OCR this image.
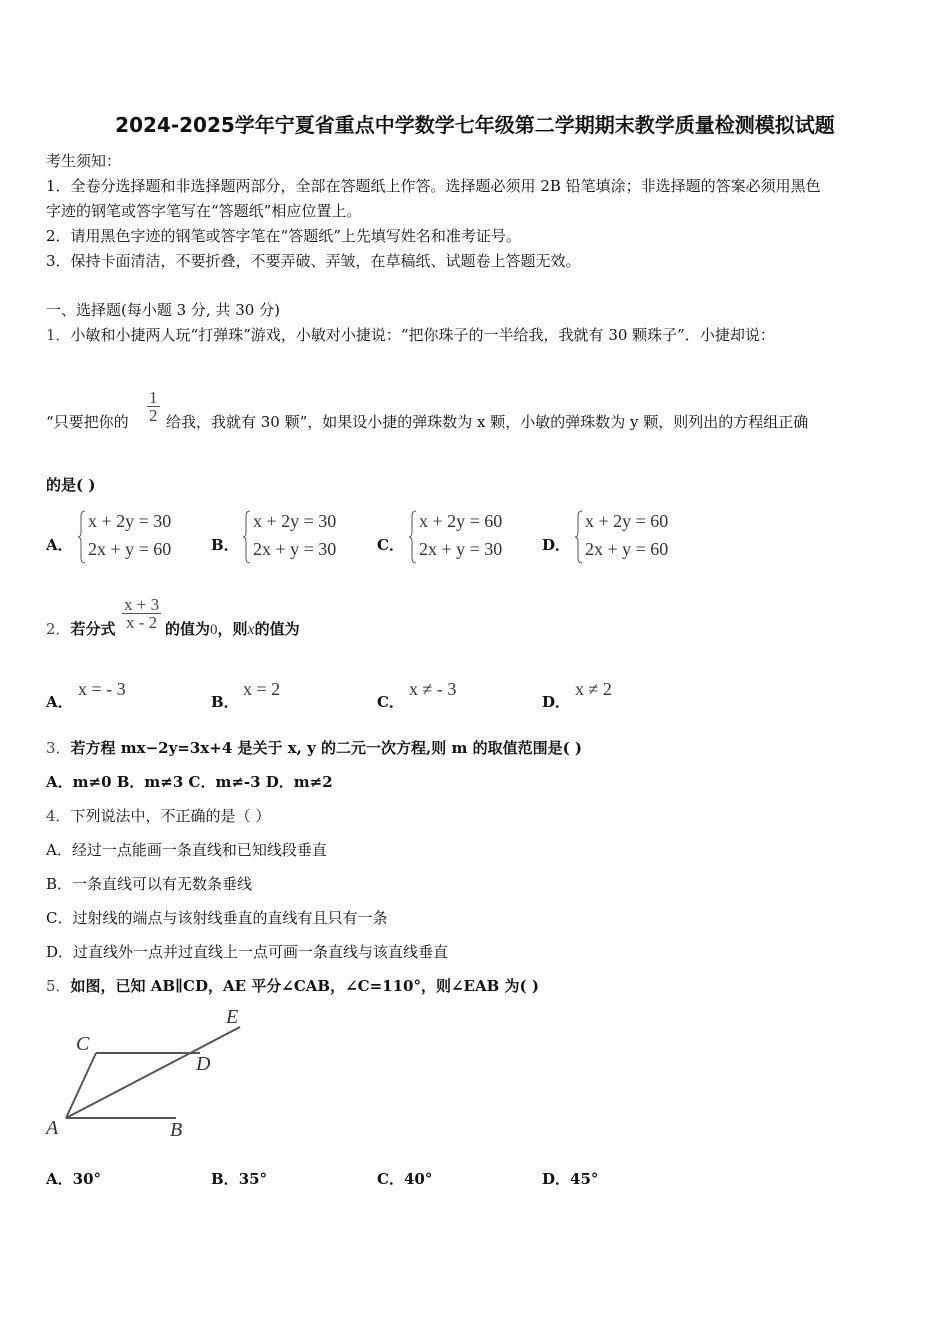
2024-2025学年宁夏省重点中学数学七年级第二学期期末教学质量检测模拟试题
考生须知：
1．全卷分选择题和非选择题两部分，全部在答题纸上作答。选择题必须用 2B 铅笔填涂；非选择题的答案必须用黑色
字迹的钢笔或答字笔写在“答题纸”相应位置上。
2．请用黑色字迹的钢笔或答字笔在“答题纸”上先填写姓名和准考证号。
3．保持卡面清洁，不要折叠，不要弄破、弄皱，在草稿纸、试题卷上答题无效。
一、选择题(每小题 3 分, 共 30 分)
1．小敏和小捷两人玩“打弹珠”游戏，小敏对小捷说：“把你珠子的一半给我，我就有 30 颗珠子”．小捷却说：
“只要把你的 $\frac{1}{2}$ 给我，我就有 30 颗”，如果设小捷的弹珠数为 x 颗，小敏的弹珠数为 y 颗，则列出的方程组正确
的是( )
A．
x + 2y = 30
2x + y = 60	B．
x + 2y = 30
2x + y = 30	C．
x + 2y = 60
2x + y = 30	D．
x + 2y = 60
2x + y = 60
2．若分式 $\frac{x + 3}{x - 2}$ 的值为0，则x的值为
A．
x = - 3
B．
x = 2
C．
x ≠ - 3
D．
x ≠ 2
3．若方程 mx−2y=3x+4 是关于 x, y 的二元一次方程,则 m 的取值范围是( )
A．m≠0 B．m≠3 C．m≠-3 D．m≠2
4．下列说法中，不正确的是（ ）
A．经过一点能画一条直线和已知线段垂直
B．一条直线可以有无数条垂线
C．过射线的端点与该射线垂直的直线有且只有一条
D．过直线外一点并过直线上一点可画一条直线与该直线垂直
5．如图，已知 AB∥CD，AE 平分∠CAB，∠C=110°，则∠EAB 为( )
A	B
C
D
E
A．30°	B．35°	C．40°	D．45°
